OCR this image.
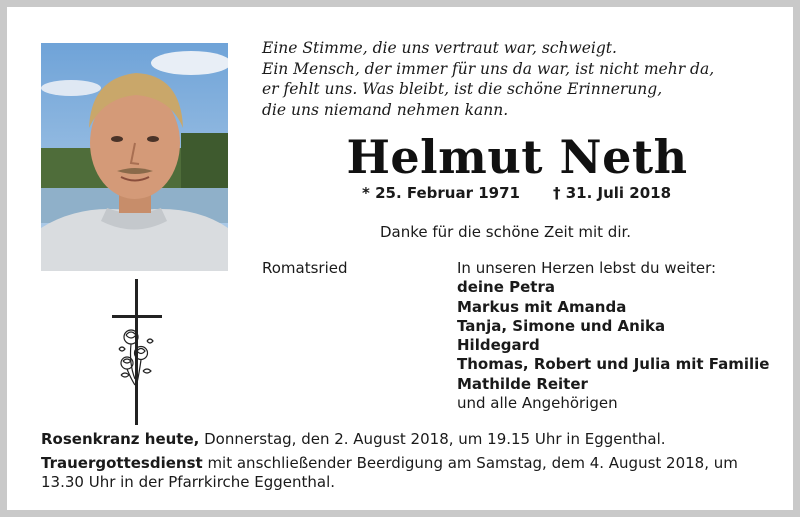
Eine Stimme, die uns vertraut war, schweigt.
Ein Mensch, der immer für uns da war, ist nicht mehr da,
er fehlt uns. Was bleibt, ist die schöne Erinnerung,
die uns niemand nehmen kann.
Helmut Neth
* 25. Februar 1971 † 31. Juli 2018
Danke für die schöne Zeit mit dir.
Romatsried	In unseren Herzen lebst du weiter:
deine Petra
Markus mit Amanda
Tanja, Simone und Anika
Hildegard
Thomas, Robert und Julia mit Familie
Mathilde Reiter
und alle Angehörigen

Rosenkranz heute, Donnerstag, den 2. August 2018, um 19.15 Uhr in Eggenthal.

Trauergottesdienst mit anschließender Beerdigung am Samstag, dem 4. August 2018, um 13.30 Uhr in der Pfarrkirche Eggenthal.
